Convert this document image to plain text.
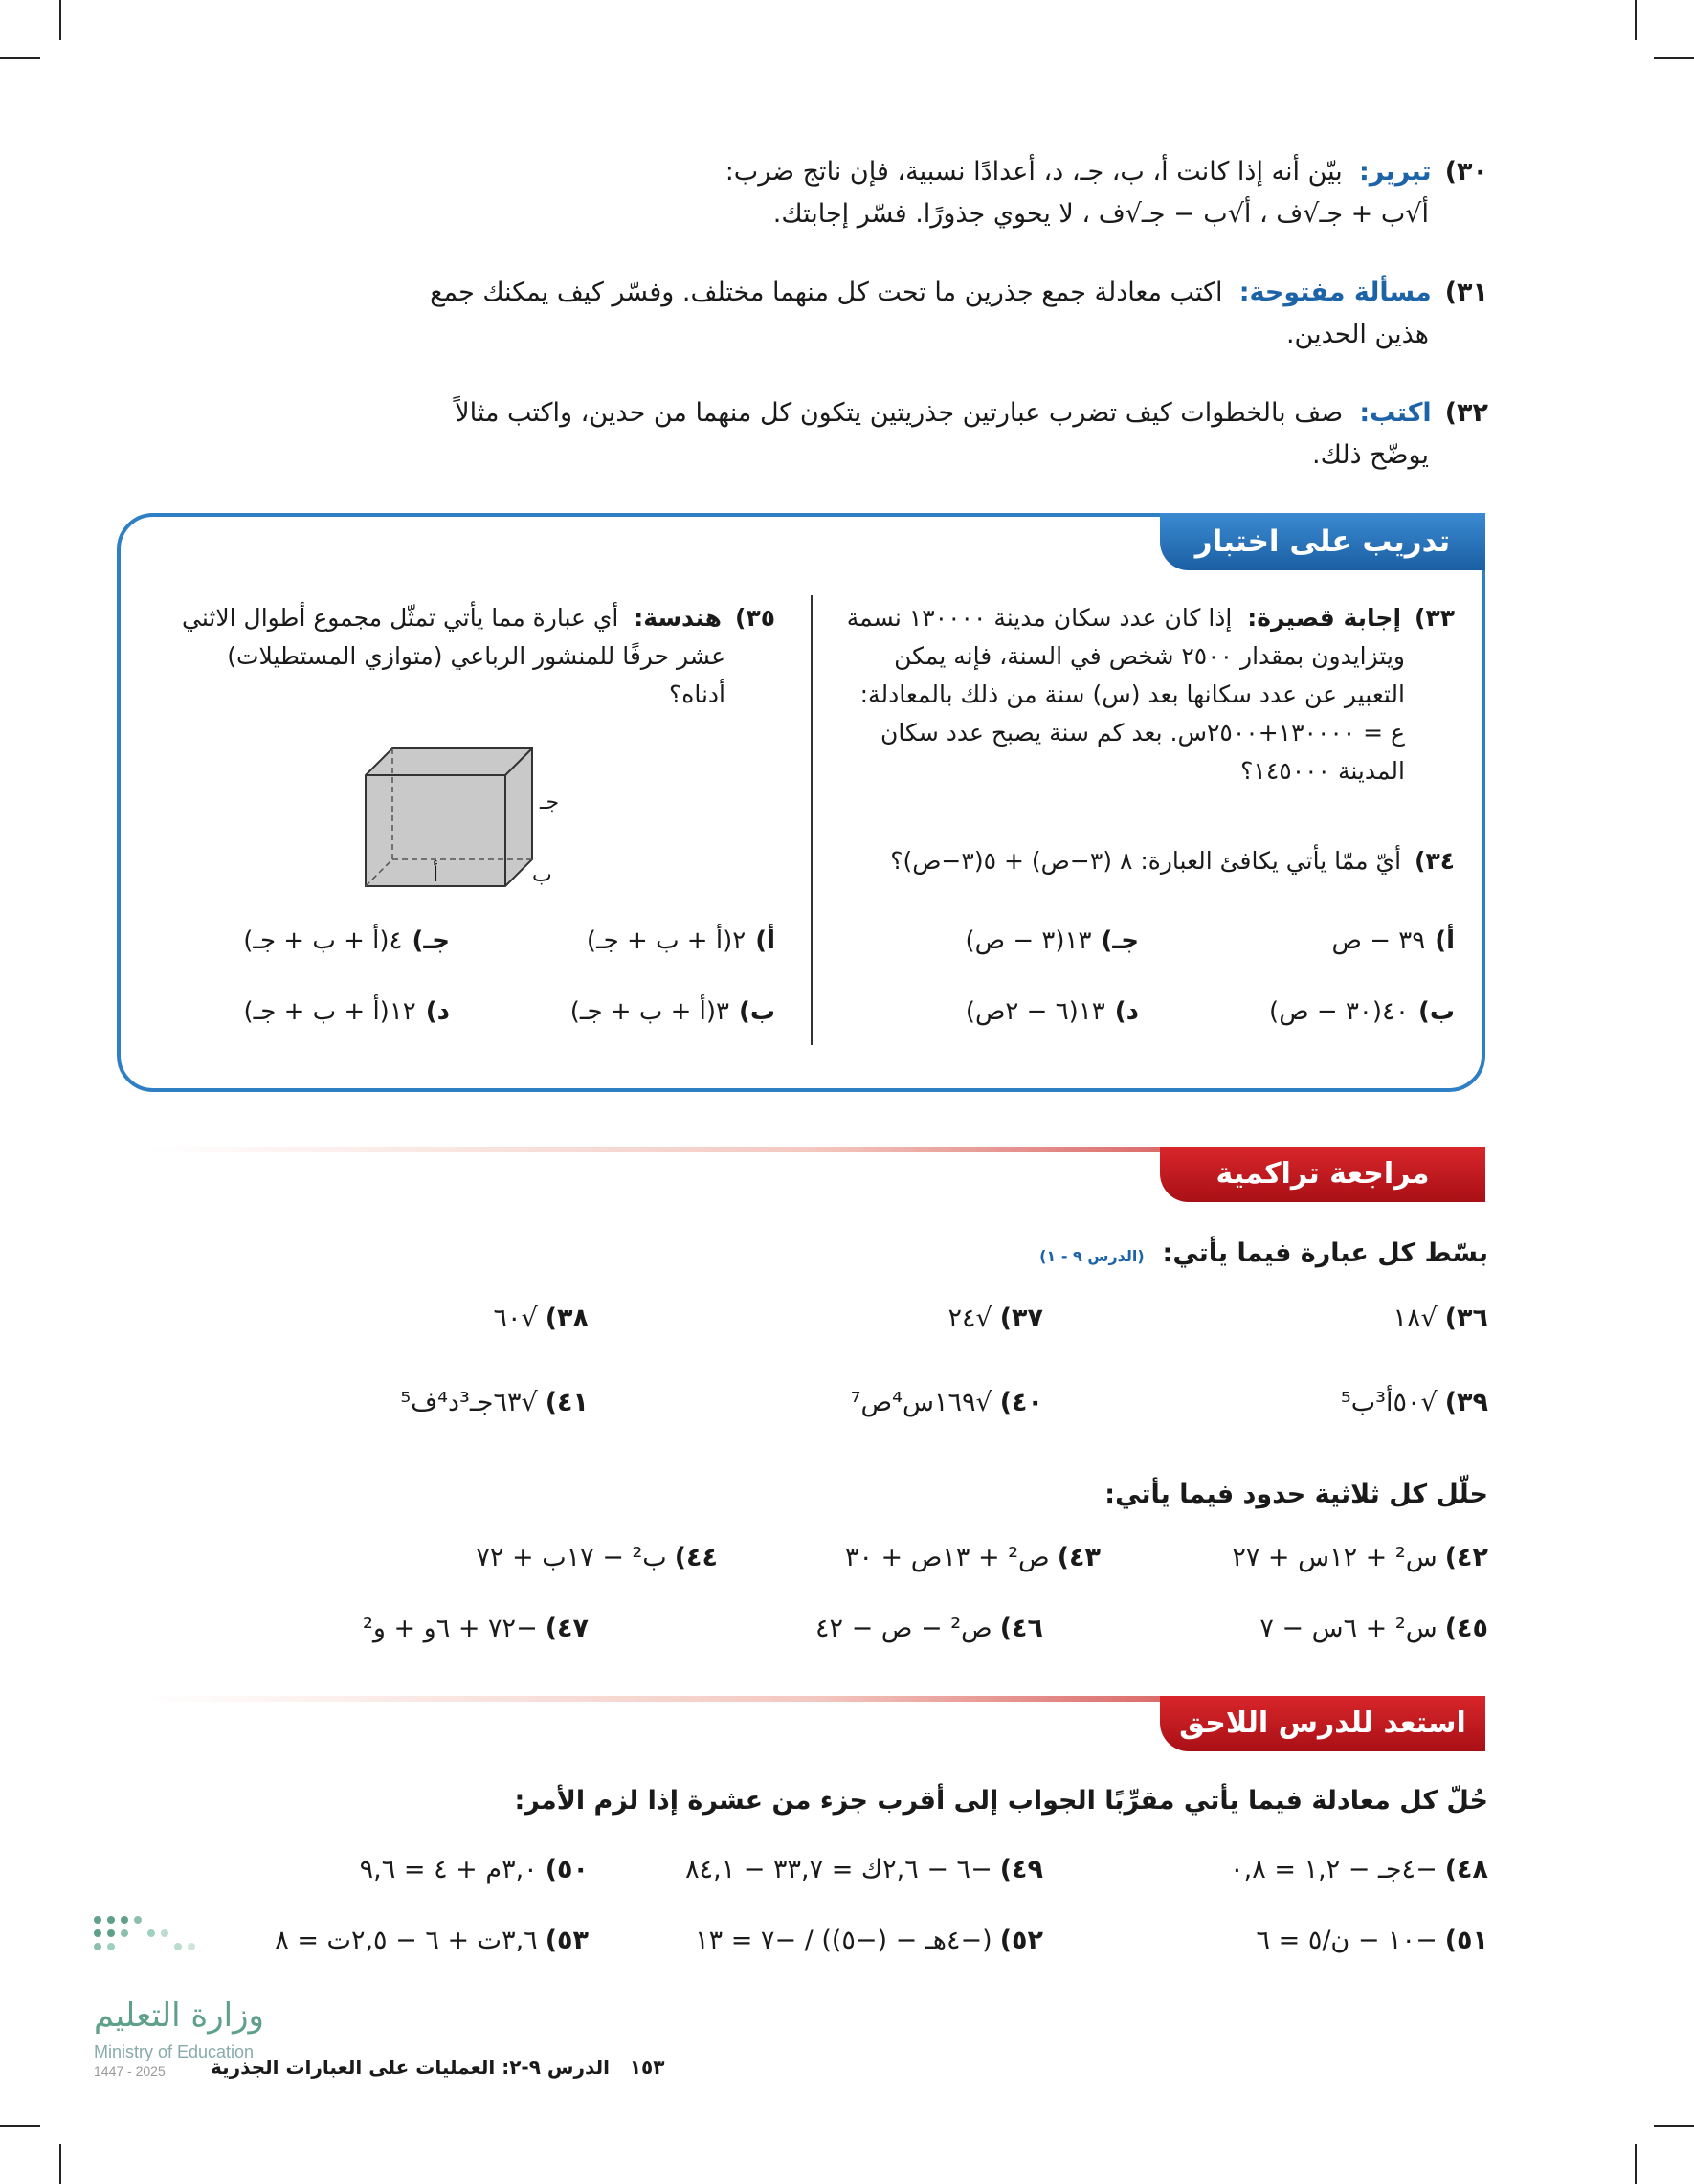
٣٠)تبرير:  بيّن أنه إذا كانت أ، ب، جـ، د، أعدادًا نسبية، فإن ناتج ضرب:
أ√ب + جـ√ف ، أ√ب − جـ√ف ، لا يحوي جذورًا. فسّر إجابتك.
٣١)مسألة مفتوحة:  اكتب معادلة جمع جذرين ما تحت كل منهما مختلف. وفسّر كيف يمكنك جمع
هذين الحدين.
٣٢)اكتب:  صف بالخطوات كيف تضرب عبارتين جذريتين يتكون كل منهما من حدين، واكتب مثالاً
يوضّح ذلك.
تدريب على اختبار
٣٣)إجابة قصيرة:  إذا كان عدد سكان مدينة ١٣٠٠٠٠ نسمة
ويتزايدون بمقدار ٢٥٠٠ شخص في السنة، فإنه يمكن
التعبير عن عدد سكانها بعد (س) سنة من ذلك بالمعادلة:
ع = ١٣٠٠٠٠+٢٥٠٠س. بعد كم سنة يصبح عدد سكان
المدينة ١٤٥٠٠٠؟
٣٤)أيّ ممّا يأتي يكافئ العبارة: ٨ (٣−ص) + ٥(٣−ص)؟
أ)٣٩ − ص
جـ)١٣(٣ − ص)
ب)٤٠(٣٠ − ص)
د)١٣(٦ − ٢ص)
٣٥)هندسة:  أي عبارة مما يأتي تمثّل مجموع أطوال الاثني
عشر حرفًا للمنشور الرباعي (متوازي المستطيلات)
أدناه؟
جـ
ب
أ
أ)٢(أ + ب + جـ)
جـ)٤(أ + ب + جـ)
ب)٣(أ + ب + جـ)
د)١٢(أ + ب + جـ)
مراجعة تراكمية
بسّط كل عبارة فيما يأتي:  (الدرس ٩ - ١)
٣٦)√١٨
٣٧)√٢٤
٣٨)√٦٠
٣٩)√٥٠أ³ب⁵
٤٠)√١٦٩س⁴ص⁷
٤١)√٦٣جـ³د⁴ف⁵
حلّل كل ثلاثية حدود فيما يأتي:
٤٢)س² + ١٢س + ٢٧
٤٣)ص² + ١٣ص + ٣٠
٤٤)ب² − ١٧ب + ٧٢
٤٥)س² + ٦س − ٧
٤٦)ص² − ص − ٤٢
٤٧)−٧٢ + ٦و + و²
استعد للدرس اللاحق
حُلّ كل معادلة فيما يأتي مقرِّبًا الجواب إلى أقرب جزء من عشرة إذا لزم الأمر:
٤٨)−٤جـ − ١,٢ = ٠,٨
٤٩)−٦ − ٢,٦ك = ٣٣,٧ − ٨٤,١
٥٠)٣,٠م + ٤ = ٩,٦
٥١)−١٠ − ن/٥ = ٦
٥٢)(−٤هـ − (−٥)) / −٧ = ١٣
٥٣)٣,٦ت + ٦ − ٢,٥ت = ٨
وزارة التعليم
Ministry of Education
2025 - 1447	١٥٣   الدرس ٩-٢: العمليات على العبارات الجذرية
